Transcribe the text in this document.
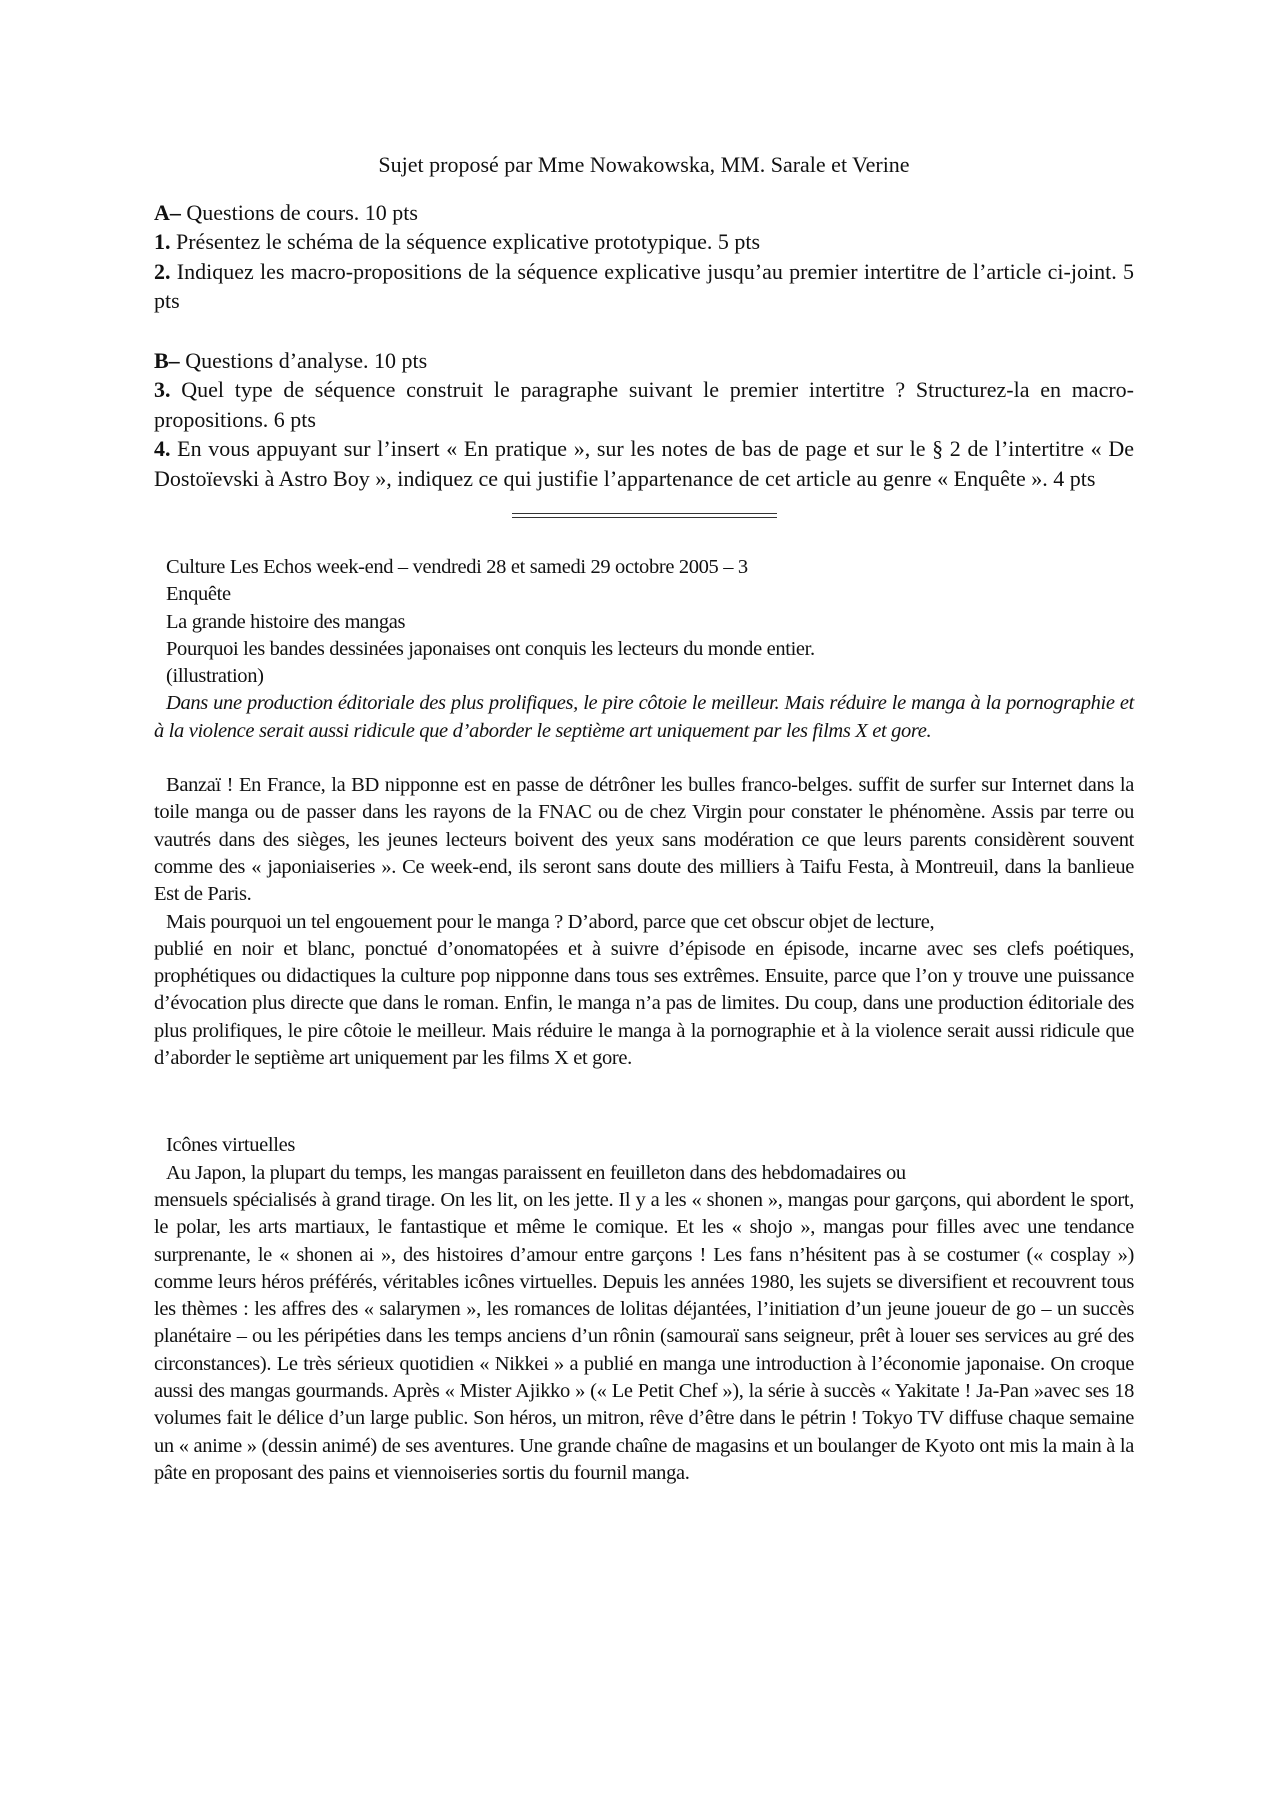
Sujet proposé par Mme Nowakowska, MM. Sarale et Verine

A– Questions de cours. 10 pts

1. Présentez le schéma de la séquence explicative prototypique. 5 pts

2. Indiquez les macro-propositions de la séquence explicative jusqu’au premier intertitre de l’article ci-joint. 5 pts

B– Questions d’analyse. 10 pts

3. Quel type de séquence construit le paragraphe suivant le premier intertitre ? Structurez-la en macro-propositions. 6 pts

4. En vous appuyant sur l’insert « En pratique », sur les notes de bas de page et sur le § 2 de l’intertitre « De Dostoïevski à Astro Boy », indiquez ce qui justifie l’appartenance de cet article au genre « Enquête ». 4 pts

Culture Les Echos week-end – vendredi 28 et samedi 29 octobre 2005 – 3

Enquête

La grande histoire des mangas

Pourquoi les bandes dessinées japonaises ont conquis les lecteurs du monde entier.

(illustration)

Dans une production éditoriale des plus prolifiques, le pire côtoie le meilleur. Mais réduire le manga à la pornographie et à la violence serait aussi ridicule que d’aborder le septième art uniquement par les films X et gore.

Banzaï ! En France, la BD nipponne est en passe de détrôner les bulles franco-belges. suffit de surfer sur Internet dans la toile manga ou de passer dans les rayons de la FNAC ou de chez Virgin pour constater le phénomène. Assis par terre ou vautrés dans des sièges, les jeunes lecteurs boivent des yeux sans modération ce que leurs parents considèrent souvent comme des « japoniaiseries ». Ce week-end, ils seront sans doute des milliers à Taifu Festa, à Montreuil, dans la banlieue Est de Paris.

Mais pourquoi un tel engouement pour le manga ? D’abord, parce que cet obscur objet de lecture,

publié en noir et blanc, ponctué d’onomatopées et à suivre d’épisode en épisode, incarne avec ses clefs poétiques, prophétiques ou didactiques la culture pop nipponne dans tous ses extrêmes. Ensuite, parce que l’on y trouve une puissance d’évocation plus directe que dans le roman. Enfin, le manga n’a pas de limites. Du coup, dans une production éditoriale des plus prolifiques, le pire côtoie le meilleur. Mais réduire le manga à la pornographie et à la violence serait aussi ridicule que d’aborder le septième art uniquement par les films X et gore.

Icônes virtuelles

Au Japon, la plupart du temps, les mangas paraissent en feuilleton dans des hebdomadaires ou

mensuels spécialisés à grand tirage. On les lit, on les jette. Il y a les « shonen », mangas pour garçons, qui abordent le sport, le polar, les arts martiaux, le fantastique et même le comique. Et les « shojo », mangas pour filles avec une tendance surprenante, le « shonen ai », des histoires d’amour entre garçons ! Les fans n’hésitent pas à se costumer (« cosplay ») comme leurs héros préférés, véritables icônes virtuelles. Depuis les années 1980, les sujets se diversifient et recouvrent tous les thèmes : les affres des « salarymen », les romances de lolitas déjantées, l’initiation d’un jeune joueur de go – un succès planétaire – ou les péripéties dans les temps anciens d’un rônin (samouraï sans seigneur, prêt à louer ses services au gré des circonstances). Le très sérieux quotidien « Nikkei » a publié en manga une introduction à l’économie japonaise. On croque aussi des mangas gourmands. Après « Mister Ajikko » (« Le Petit Chef »), la série à succès « Yakitate ! Ja-Pan »avec ses 18 volumes fait le délice d’un large public. Son héros, un mitron, rêve d’être dans le pétrin ! Tokyo TV diffuse chaque semaine un « anime » (dessin animé) de ses aventures. Une grande chaîne de magasins et un boulanger de Kyoto ont mis la main à la pâte en proposant des pains et viennoiseries sortis du fournil manga.
